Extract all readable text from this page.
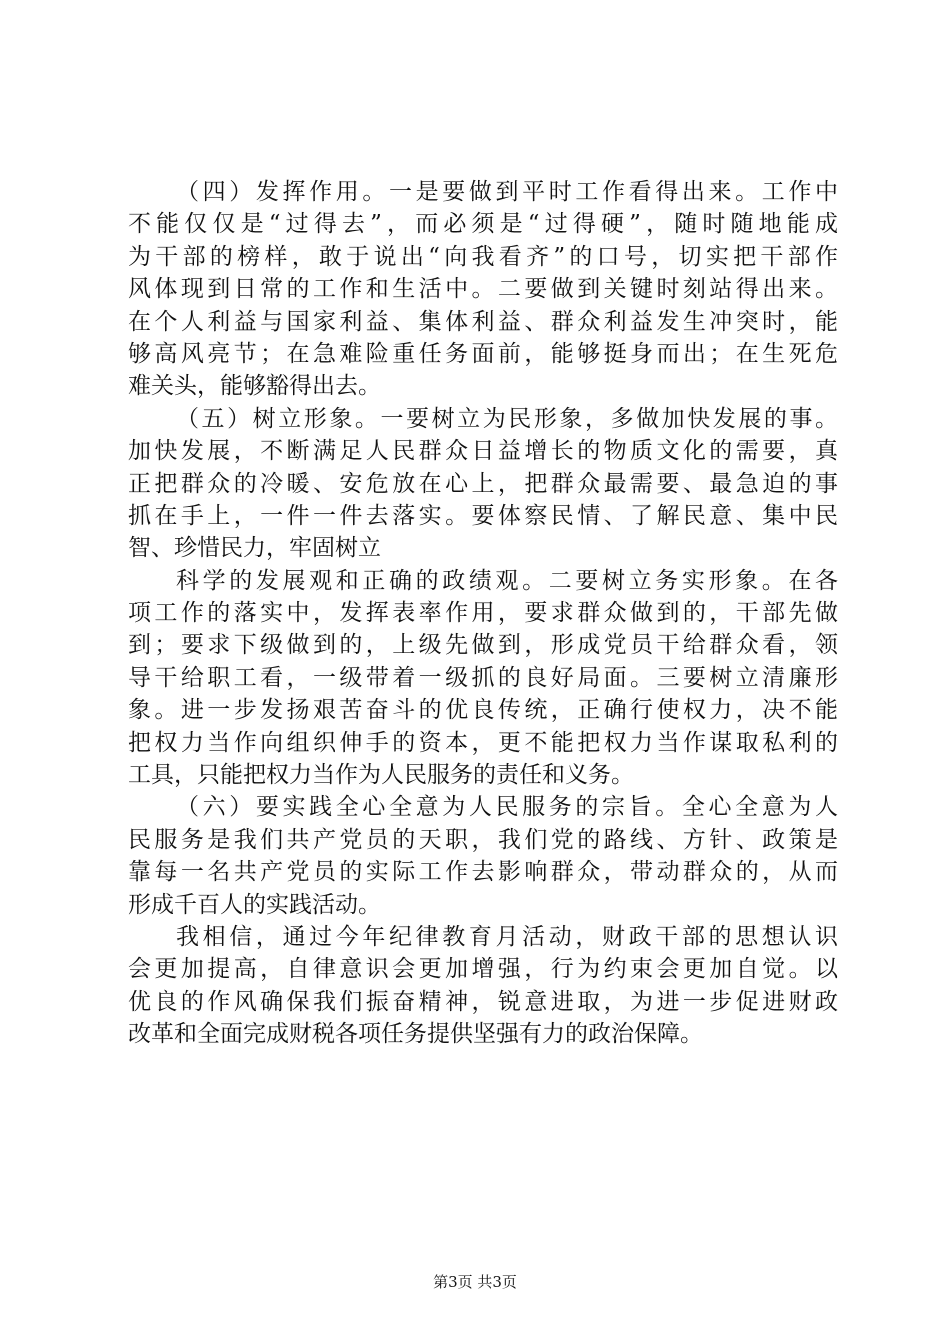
（四）发挥作用。一是要做到平时工作看得出来。工作中
不能仅仅是“过得去”，而必须是“过得硬”，随时随地能成
为干部的榜样，敢于说出“向我看齐”的口号，切实把干部作
风体现到日常的工作和生活中。二要做到关键时刻站得出来。
在个人利益与国家利益、集体利益、群众利益发生冲突时，能
够高风亮节；在急难险重任务面前，能够挺身而出；在生死危
难关头，能够豁得出去。
（五）树立形象。一要树立为民形象，多做加快发展的事。
加快发展，不断满足人民群众日益增长的物质文化的需要，真
正把群众的冷暖、安危放在心上，把群众最需要、最急迫的事
抓在手上，一件一件去落实。要体察民情、了解民意、集中民
智、珍惜民力，牢固树立
科学的发展观和正确的政绩观。二要树立务实形象。在各
项工作的落实中，发挥表率作用，要求群众做到的，干部先做
到；要求下级做到的，上级先做到，形成党员干给群众看，领
导干给职工看，一级带着一级抓的良好局面。三要树立清廉形
象。进一步发扬艰苦奋斗的优良传统，正确行使权力，决不能
把权力当作向组织伸手的资本，更不能把权力当作谋取私利的
工具，只能把权力当作为人民服务的责任和义务。
（六）要实践全心全意为人民服务的宗旨。全心全意为人
民服务是我们共产党员的天职，我们党的路线、方针、政策是
靠每一名共产党员的实际工作去影响群众，带动群众的，从而
形成千百人的实践活动。
我相信，通过今年纪律教育月活动，财政干部的思想认识
会更加提高，自律意识会更加增强，行为约束会更加自觉。以
优良的作风确保我们振奋精神，锐意进取，为进一步促进财政
改革和全面完成财税各项任务提供坚强有力的政治保障。
第3页 共3页
